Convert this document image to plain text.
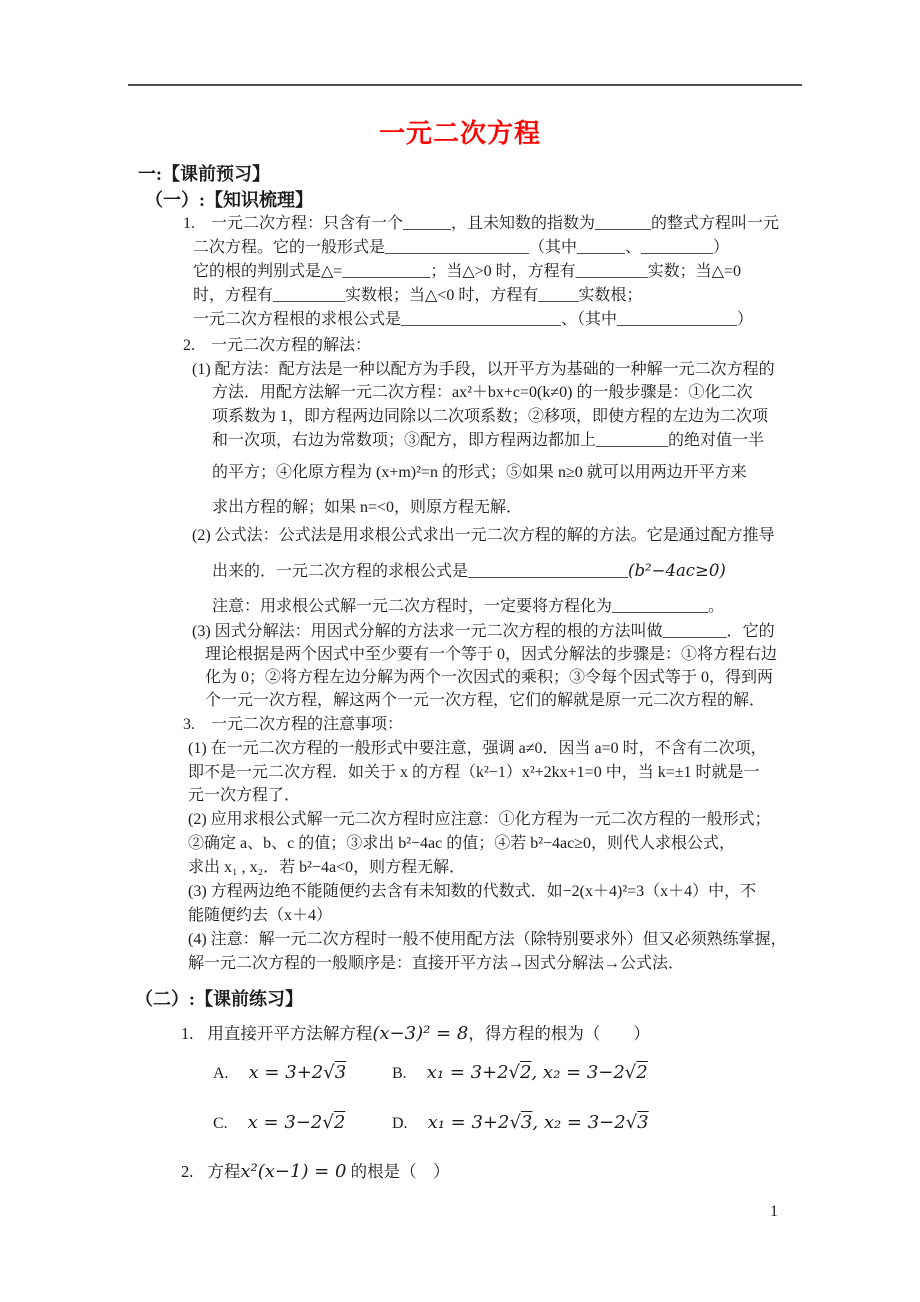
一元二次方程
一:【课前预习】
（一）:【知识梳理】
1.　一元二次方程：只含有一个______，且未知数的指数为_______的整式方程叫一元
二次方程。它的一般形式是__________________（其中______、_________）
它的根的判别式是△=___________；当△>0 时，方程有_________实数；当△=0
时，方程有_________实数根；当△<0 时，方程有_____实数根；
一元二次方程根的求根公式是____________________、（其中_______________）
2.　一元二次方程的解法：
(1) 配方法：配方法是一种以配方为手段，以开平方为基础的一种解一元二次方程的
方法．用配方法解一元二次方程：ax²＋bx+c=0(k≠0) 的一般步骤是：①化二次
项系数为 1，即方程两边同除以二次项系数；②移项，即使方程的左边为二次项
和一次项，右边为常数项；③配方，即方程两边都加上_________的绝对值一半
的平方；④化原方程为 (x+m)²=n 的形式；⑤如果 n≥0 就可以用两边开平方来
求出方程的解；如果 n=<0，则原方程无解．
(2) 公式法：公式法是用求根公式求出一元二次方程的解的方法。它是通过配方推导
出来的．一元二次方程的求根公式是____________________(b²−4ac≥0)
注意：用求根公式解一元二次方程时，一定要将方程化为____________。
(3) 因式分解法：用因式分解的方法求一元二次方程的根的方法叫做________．它的
理论根据是两个因式中至少要有一个等于 0，因式分解法的步骤是：①将方程右边
化为 0；②将方程左边分解为两个一次因式的乘积；③令每个因式等于 0，得到两
个一元一次方程，解这两个一元一次方程，它们的解就是原一元二次方程的解．
3.　一元二次方程的注意事项：
(1) 在一元二次方程的一般形式中要注意，强调 a≠0．因当 a=0 时，不含有二次项，
即不是一元二次方程．如关于 x 的方程（k²−1）x²+2kx+1=0 中，当 k=±1 时就是一
元一次方程了．
(2) 应用求根公式解一元二次方程时应注意：①化方程为一元二次方程的一般形式；
②确定 a、b、c 的值；③求出 b²−4ac 的值；④若 b²−4ac≥0，则代人求根公式，
求出 x₁ , x₂．若 b²−4a<0，则方程无解．
(3) 方程两边绝不能随便约去含有未知数的代数式．如−2(x＋4)²=3（x＋4）中，不
能随便约去（x＋4）
(4) 注意：解一元二次方程时一般不使用配方法（除特别要求外）但又必须熟练掌握，
解一元二次方程的一般顺序是：直接开平方法→因式分解法→公式法．
（二）:【课前练习】
1. 用直接开平方法解方程(x−3)² = 8，得方程的根为（　　）
A. x = 3+2√3	B. x₁ = 3+2√2, x₂ = 3−2√2
C. x = 3−2√2	D. x₁ = 3+2√3, x₂ = 3−2√3
2. 方程x²(x−1) = 0 的根是（　）
1
